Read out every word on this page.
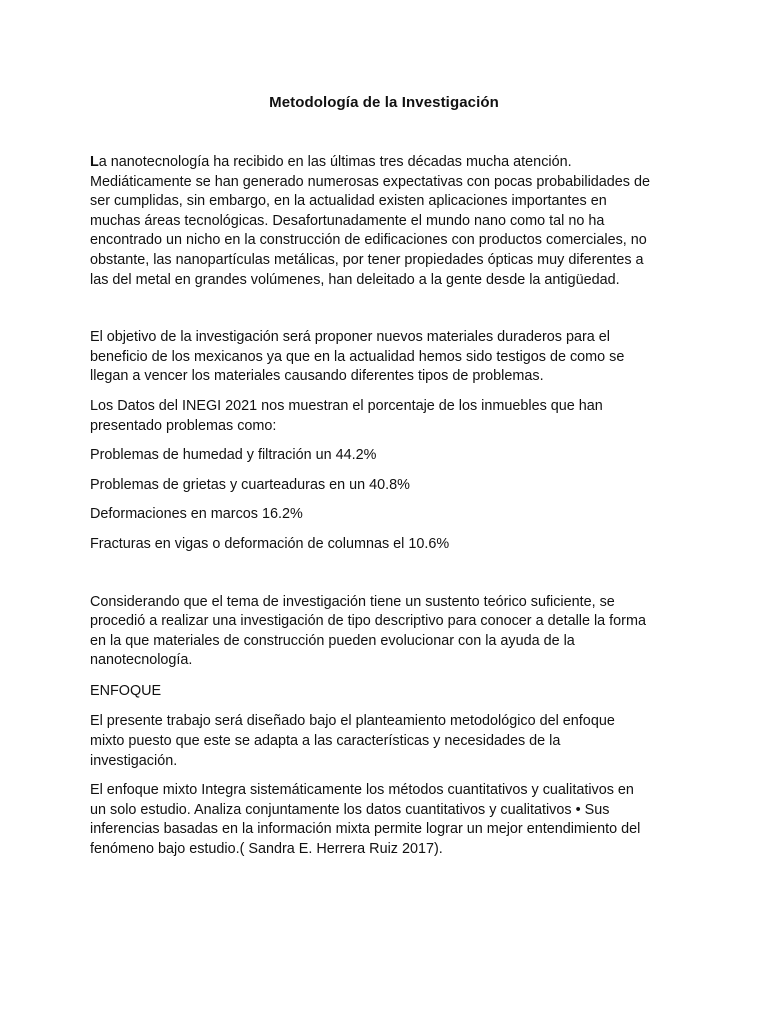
Metodología de la Investigación

La nanotecnología ha recibido en las últimas tres décadas mucha atención.

Mediáticamente se han generado numerosas expectativas con pocas probabilidades de

ser cumplidas, sin embargo, en la actualidad existen aplicaciones importantes en

muchas áreas tecnológicas. Desafortunadamente el mundo nano como tal no ha

encontrado un nicho en la construcción de edificaciones con productos comerciales, no

obstante, las nanopartículas metálicas, por tener propiedades ópticas muy diferentes a

las del metal en grandes volúmenes, han deleitado a la gente desde la antigüedad.

El objetivo de la investigación será proponer nuevos materiales duraderos para el

beneficio de los mexicanos ya que en la actualidad hemos sido testigos de como se

llegan a vencer los materiales causando diferentes tipos de problemas.

Los Datos del INEGI 2021 nos muestran el porcentaje de los inmuebles que han

presentado problemas como:

Problemas de humedad y filtración un 44.2%

Problemas de grietas y cuarteaduras en un 40.8%

Deformaciones en marcos 16.2%

Fracturas en vigas o deformación de columnas el 10.6%

Considerando que el tema de investigación tiene un sustento teórico suficiente, se

procedió a realizar una investigación de tipo descriptivo para conocer a detalle la forma

en la que materiales de construcción pueden evolucionar con la ayuda de la

nanotecnología.

ENFOQUE

El presente trabajo será diseñado bajo el planteamiento metodológico del enfoque

mixto puesto que este se adapta a las características y necesidades de la

investigación.

El enfoque mixto Integra sistemáticamente los métodos cuantitativos y cualitativos en

un solo estudio. Analiza conjuntamente los datos cuantitativos y cualitativos • Sus

inferencias basadas en la información mixta permite lograr un mejor entendimiento del

fenómeno bajo estudio.( Sandra E. Herrera Ruiz 2017).
